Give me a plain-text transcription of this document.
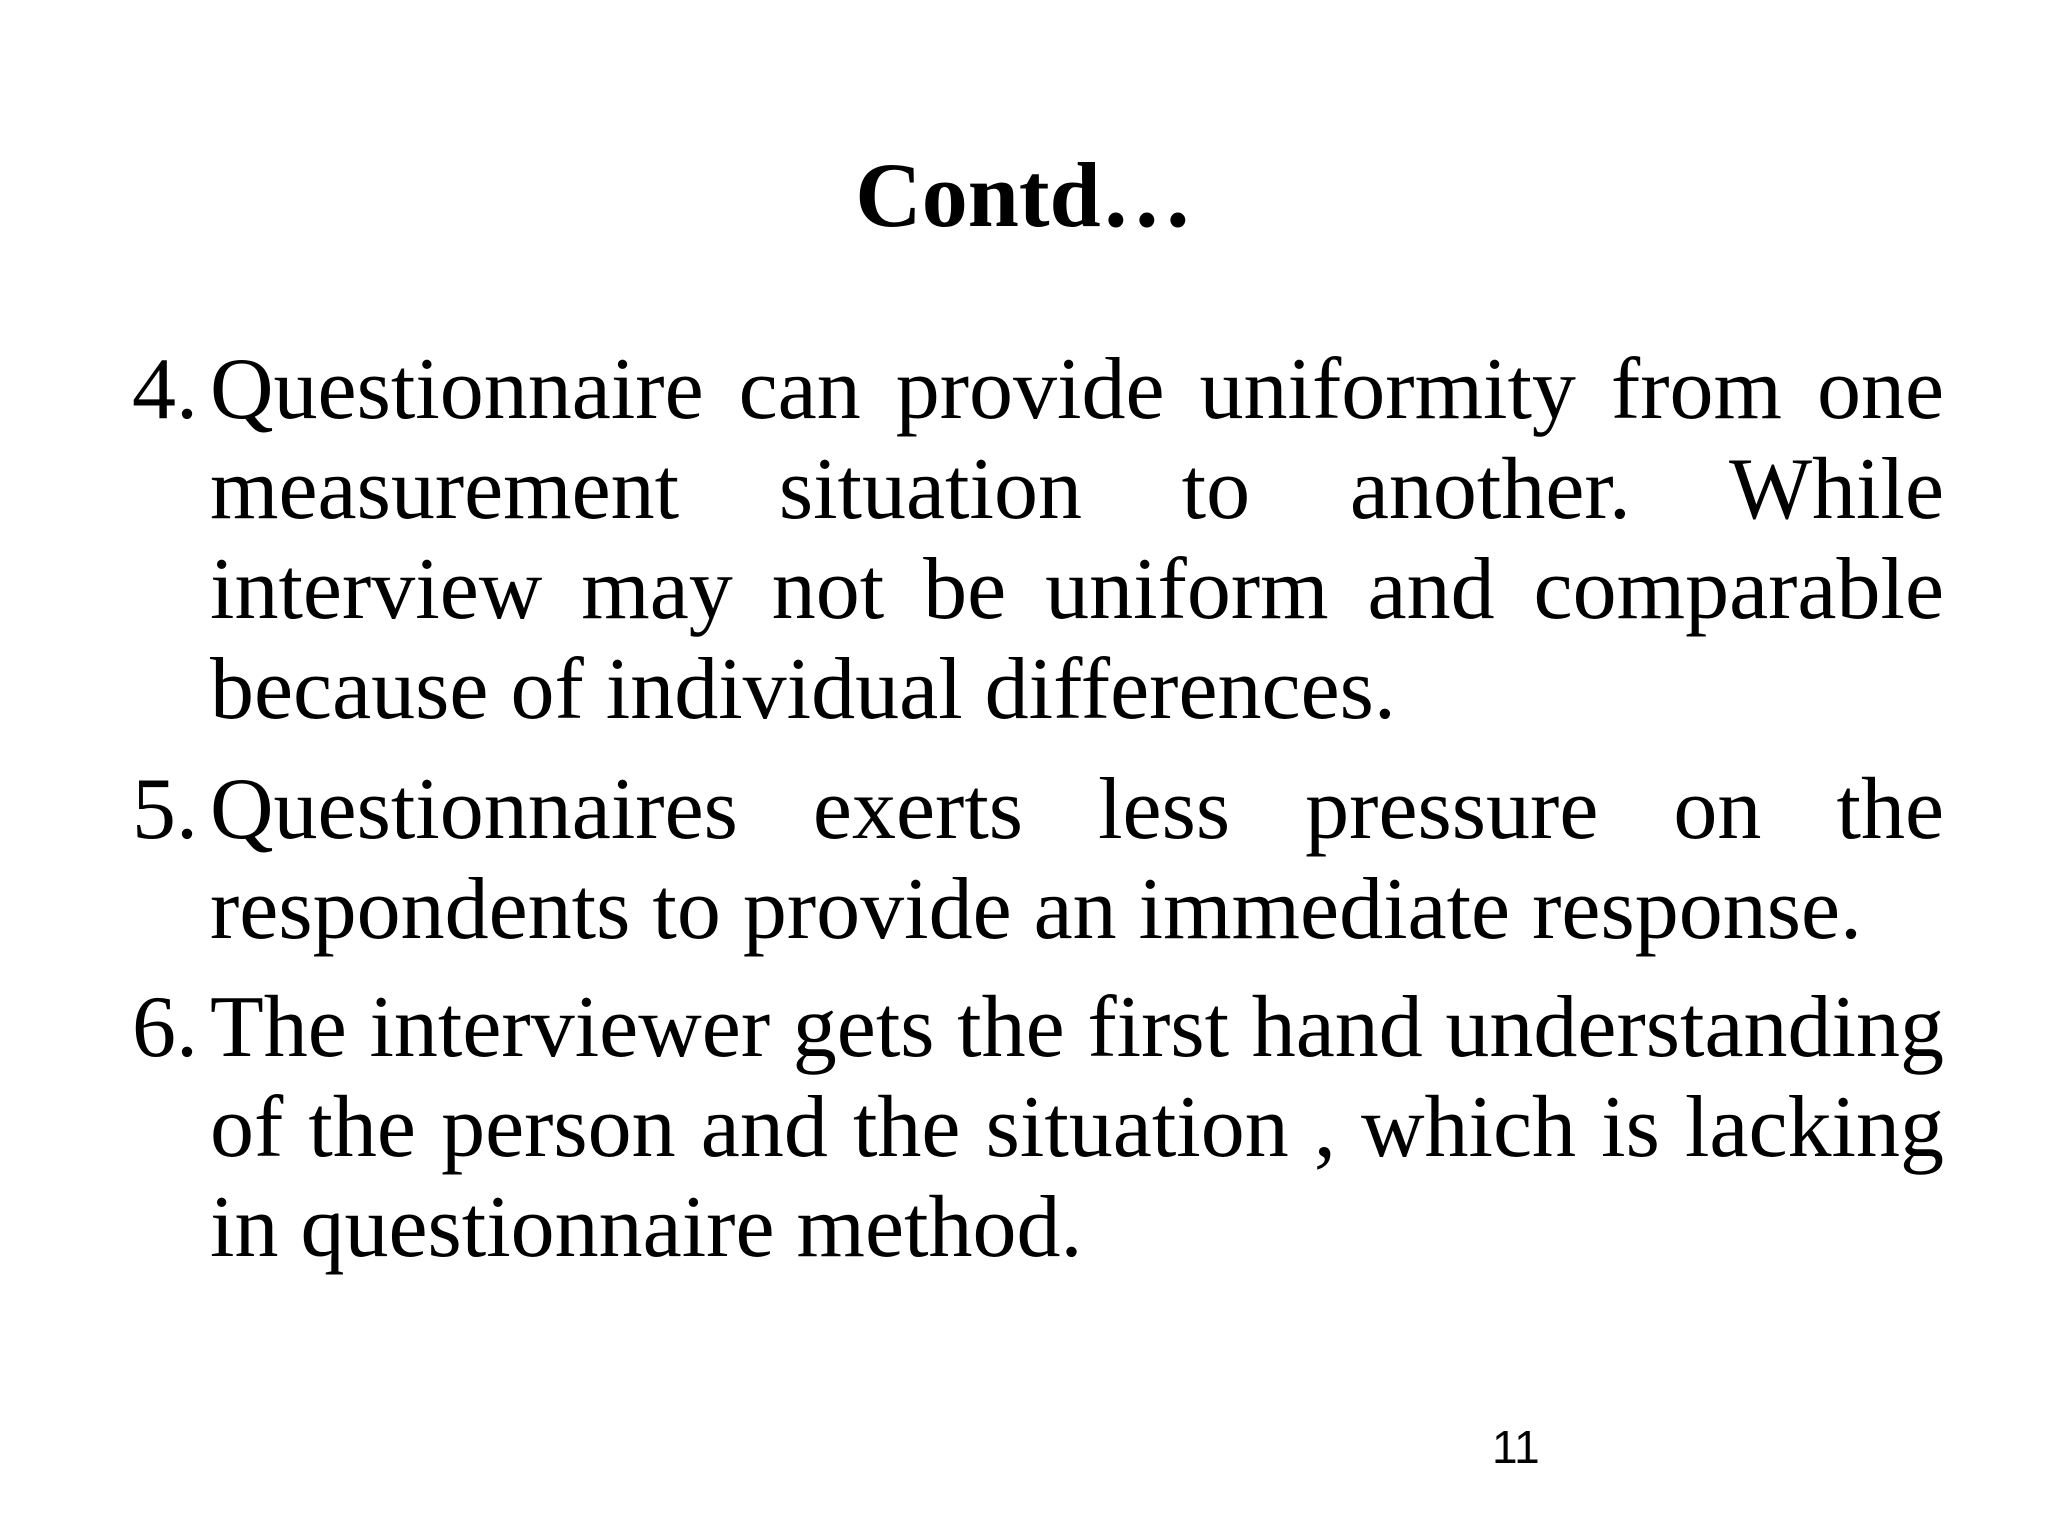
Contd…
4. Questionnaire can provide uniformity from one measurement situation to another. While interview may not be uniform and comparable because of individual differences.
5. Questionnaires exerts less pressure on the respondents to provide an immediate response.
6. The interviewer gets the first hand understanding of the person and the situation , which is lacking in questionnaire method.
11
